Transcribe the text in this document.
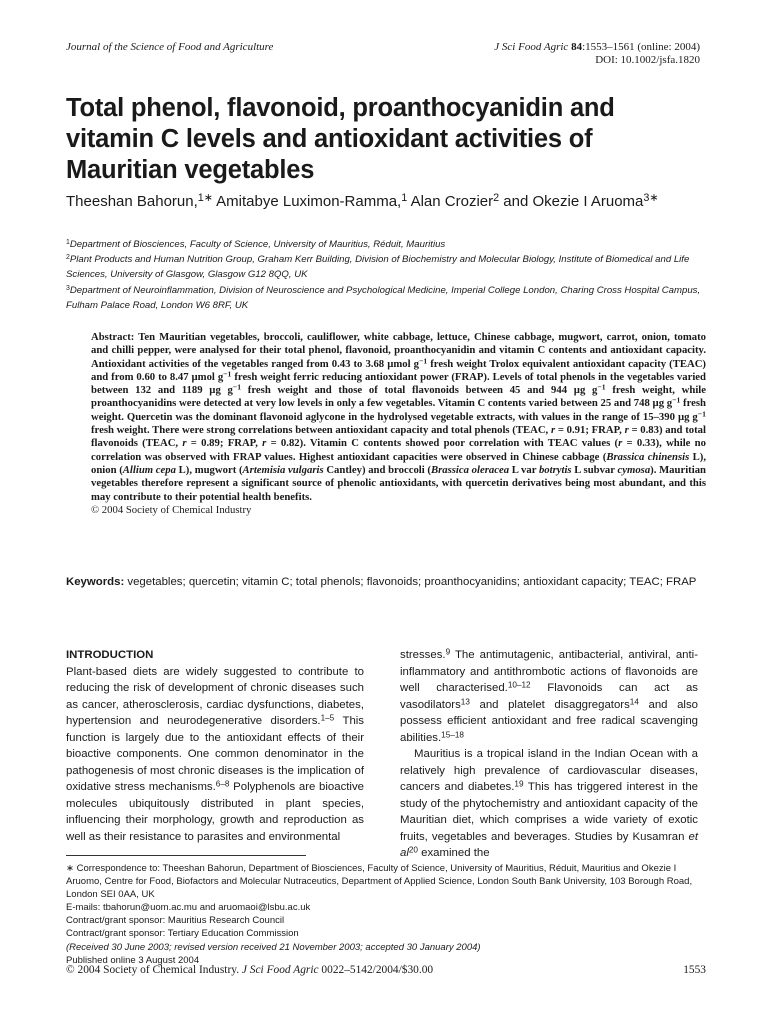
Journal of the Science of Food and Agriculture	J Sci Food Agric 84:1553–1561 (online: 2004)
DOI: 10.1002/jsfa.1820
Total phenol, flavonoid, proanthocyanidin and vitamin C levels and antioxidant activities of Mauritian vegetables
Theeshan Bahorun,$^{1∗}$ Amitabye Luximon-Ramma,$^1$ Alan Crozier$^2$ and Okezie I Aruoma$^{3∗}$

$^1$Department of Biosciences, Faculty of Science, University of Mauritius, Réduit, Mauritius

$^2$Plant Products and Human Nutrition Group, Graham Kerr Building, Division of Biochemistry and Molecular Biology, Institute of Biomedical and Life Sciences, University of Glasgow, Glasgow G12 8QQ, UK

$^3$Department of Neuroinflammation, Division of Neuroscience and Psychological Medicine, Imperial College London, Charing Cross Hospital Campus, Fulham Palace Road, London W6 8RF, UK

Abstract: Ten Mauritian vegetables, broccoli, cauliflower, white cabbage, lettuce, Chinese cabbage, mugwort, carrot, onion, tomato and chilli pepper, were analysed for their total phenol, flavonoid, proanthocyanidin and vitamin C contents and antioxidant capacity. Antioxidant activities of the vegetables ranged from 0.43 to 3.68 µmol $g^{-1}$ fresh weight Trolox equivalent antioxidant capacity (TEAC) and from 0.60 to 8.47 µmol $g^{-1}$ fresh weight ferric reducing antioxidant power (FRAP). Levels of total phenols in the vegetables varied between 132 and 1189 µg $g^{-1}$ fresh weight and those of total flavonoids between 45 and 944 µg $g^{-1}$ fresh weight, while proanthocyanidins were detected at very low levels in only a few vegetables. Vitamin C contents varied between 25 and 748 µg $g^{-1}$ fresh weight. Quercetin was the dominant flavonoid aglycone in the hydrolysed vegetable extracts, with values in the range of 15–390 µg $g^{-1}$ fresh weight. There were strong correlations between antioxidant capacity and total phenols (TEAC, r = 0.91; FRAP, r = 0.83) and total flavonoids (TEAC, r = 0.89; FRAP, r = 0.82). Vitamin C contents showed poor correlation with TEAC values (r = 0.33), while no correlation was observed with FRAP values. Highest antioxidant capacities were observed in Chinese cabbage (Brassica chinensis L), onion (Allium cepa L), mugwort (Artemisia vulgaris Cantley) and broccoli (Brassica oleracea L var botrytis L subvar cymosa). Mauritian vegetables therefore represent a significant source of phenolic antioxidants, with quercetin derivatives being most abundant, and this may contribute to their potential health benefits.

© 2004 Society of Chemical Industry

Keywords: vegetables; quercetin; vitamin C; total phenols; flavonoids; proanthocyanidins; antioxidant capacity; TEAC; FRAP

INTRODUCTION

Plant-based diets are widely suggested to contribute to reducing the risk of development of chronic diseases such as cancer, atherosclerosis, cardiac dysfunctions, diabetes, hypertension and neurodegenerative disorders.$^{1-5}$ This function is largely due to the antioxidant effects of their bioactive components. One common denominator in the pathogenesis of most chronic diseases is the implication of oxidative stress mechanisms.$^{6-8}$ Polyphenols are bioactive molecules ubiquitously distributed in plant species, influencing their morphology, growth and reproduction as well as their resistance to parasites and environmental

stresses.$^9$ The antimutagenic, antibacterial, antiviral, anti-inflammatory and antithrombotic actions of flavonoids are well characterised.$^{10-12}$ Flavonoids can act as vasodilators$^{13}$ and platelet disaggregators$^{14}$ and also possess efficient antioxidant and free radical scavenging abilities.$^{15-18}$

Mauritius is a tropical island in the Indian Ocean with a relatively high prevalence of cardiovascular diseases, cancers and diabetes.$^{19}$ This has triggered interest in the study of the phytochemistry and antioxidant capacity of the Mauritian diet, which comprises a wide variety of exotic fruits, vegetables and beverages. Studies by Kusamran et $al^{20}$ examined the

∗ Correspondence to: Theeshan Bahorun, Department of Biosciences, Faculty of Science, University of Mauritius, Réduit, Mauritius and Okezie I Aruomo, Centre for Food, Biofactors and Molecular Nutraceutics, Department of Applied Science, London South Bank University, 103 Borough Road, London SEI 0AA, UK

E-mails: tbahorun@uom.ac.mu and aruomaoi@lsbu.ac.uk

Contract/grant sponsor: Mauritius Research Council

Contract/grant sponsor: Tertiary Education Commission

(Received 30 June 2003; revised version received 21 November 2003; accepted 30 January 2004)

Published online 3 August 2004

© 2004 Society of Chemical Industry. J Sci Food Agric 0022–5142/2004/$30.00	1553
